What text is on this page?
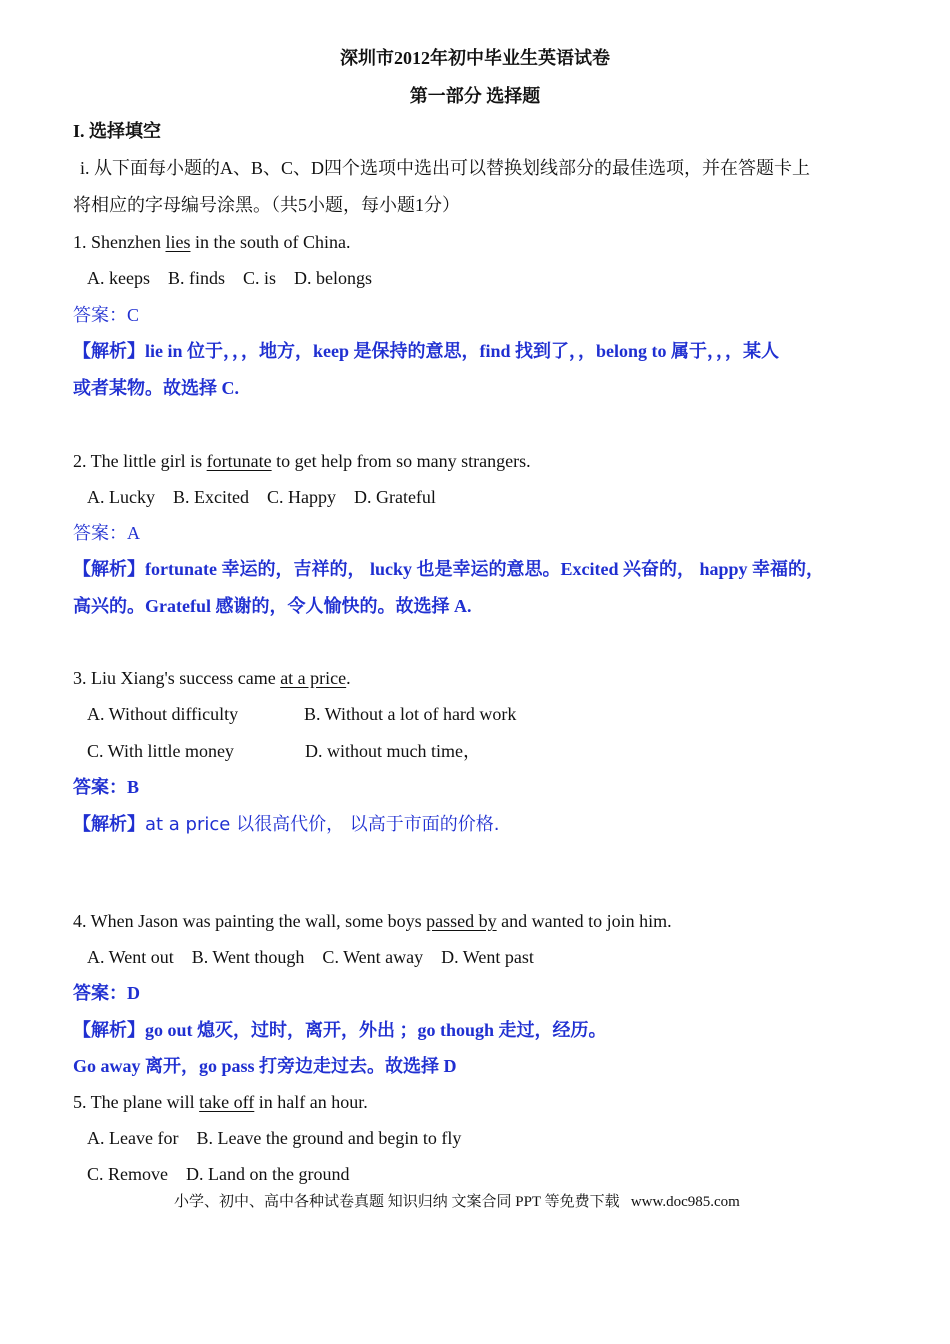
深圳市2012年初中毕业生英语试卷
第一部分 选择题
I. 选择填空
i. 从下面每小题的A、B、C、D四个选项中选出可以替换划线部分的最佳选项，并在答题卡上
将相应的字母编号涂黑。（共5小题，每小题1分）
1. Shenzhen lies in the south of China.
A. keeps    B. finds    C. is    D. belongs
答案：C
【解析】lie in 位于，，，地方，keep 是保持的意思，find 找到了，，belong to 属于，，，某人
或者某物。故选择 C.
2. The little girl is fortunate to get help from so many strangers.
A. Lucky    B. Excited    C. Happy    D. Grateful
答案：A
【解析】fortunate 幸运的，吉祥的， lucky 也是幸运的意思。Excited 兴奋的， happy 幸福的，
高兴的。Grateful 感谢的，令人愉快的。故选择 A.
3. Liu Xiang's success came at a price.
A. Without difficulty	B. Without a lot of hard work
C. With little money	D. without much time，
答案：B
【解析】at a price 以很高代价， 以高于市面的价格.
4. When Jason was painting the wall, some boys passed by and wanted to join him.
A. Went out    B. Went though    C. Went away    D. Went past
答案：D
【解析】go out 熄灭，过时，离开，外出 ；go though 走过，经历。
Go away 离开，go pass 打旁边走过去。故选择 D
5. The plane will take off in half an hour.
A. Leave for    B. Leave the ground and begin to fly
C. Remove    D. Land on the ground
小学、初中、高中各种试卷真题 知识归纳 文案合同 PPT 等免费下载   www.doc985.com
